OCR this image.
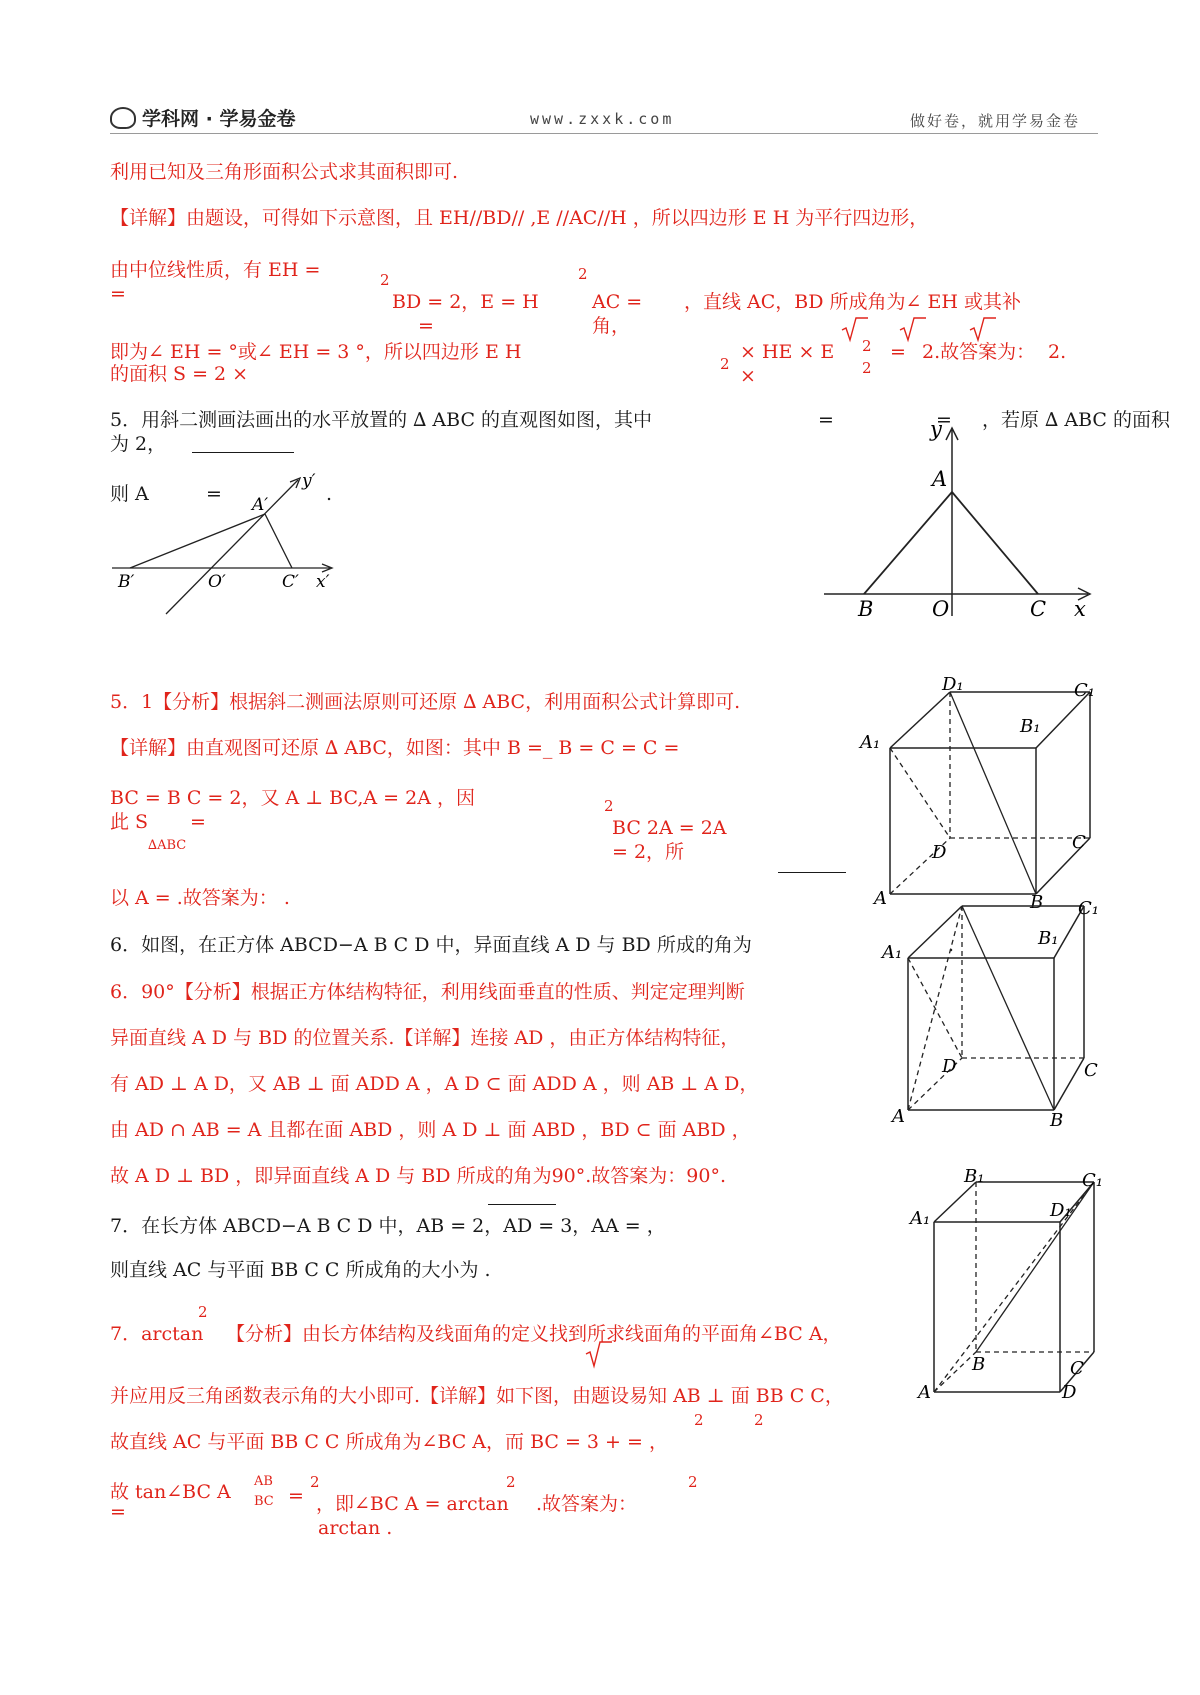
学科网 · 学易金卷	www.zxxk.com	做好卷，就用学易金卷
利用已知及三角形面积公式求其面积即可.
【详解】由题设，可得如下示意图，且 EH//BD// ,E //AC//H ，所以四边形 E H 为平行四边形，
由中位线性质，有 EH =
=
2	2
BD = 2，E = H	AC = ，直线 AC，BD 所成角为∠ EH 或其补
=	角，
即为∠ EH = °或∠ EH = 3 °，所以四边形 E H
的面积 S = 2 ×	2
× HE × E
×
2
2
= 2.故答案为： 2.
5．用斜二测画法画出的水平放置的 ∆ ABC 的直观图如图，其中	=	= ，若原 ∆ ABC 的面积
为 2，
则 A	=	.
B′	O′	C′ x′
y′
A′
A
B	O	C x
y
5．1【分析】根据斜二测画法原则可还原 ∆ ABC，利用面积公式计算即可.
【详解】由直观图可还原 ∆ ABC，如图：其中 B =_ B = C = C =
BC = B C = 2，又 A ⊥ BC,A = 2A ，因
此 S =
∆ABC
2
BC 2A = 2A
= 2，所
以 A = .故答案为： .
D₁	C₁
B₁
A₁
D	C
A	B
6．如图，在正方体 ABCD−A B C D 中，异面直线 A D 与 BD 所成的角为	.
6．90°【分析】根据正方体结构特征，利用线面垂直的性质、判定定理判断
异面直线 A D 与 BD 的位置关系.【详解】连接 AD ，由正方体结构特征，
有 AD ⊥ A D，又 AB ⊥ 面 ADD A ，A D ⊂ 面 ADD A ，则 AB ⊥ A D，
由 AD ∩ AB = A 且都在面 ABD ，则 A D ⊥ 面 ABD ，BD ⊂ 面 ABD ，
故 A D ⊥ BD ，即异面直线 A D 与 BD 所成的角为90°.故答案为：90°.
C₁
B₁
A₁
D	C
A	B
7．在长方体 ABCD−A B C D 中，AB = 2，AD = 3，AA = ，
则直线 AC 与平面 BB C C 所成角的大小为 .
7．arctan
2
【分析】由长方体结构及线面角的定义找到所求线面角的平面角∠BC A，
并应用反三角函数表示角的大小即可.【详解】如下图，由题设易知 AB ⊥ 面 BB C C，
故直线 AC 与平面 BB C C 所成角为∠BC A，而 BC = 3 + = ，
2	2
故 tan∠BC A
=
AB
BC =
2
，即∠BC A = arctan
2
.故答案为：
2
arctan .
B₁	C₁
D₁
A₁
C
B
A	D
